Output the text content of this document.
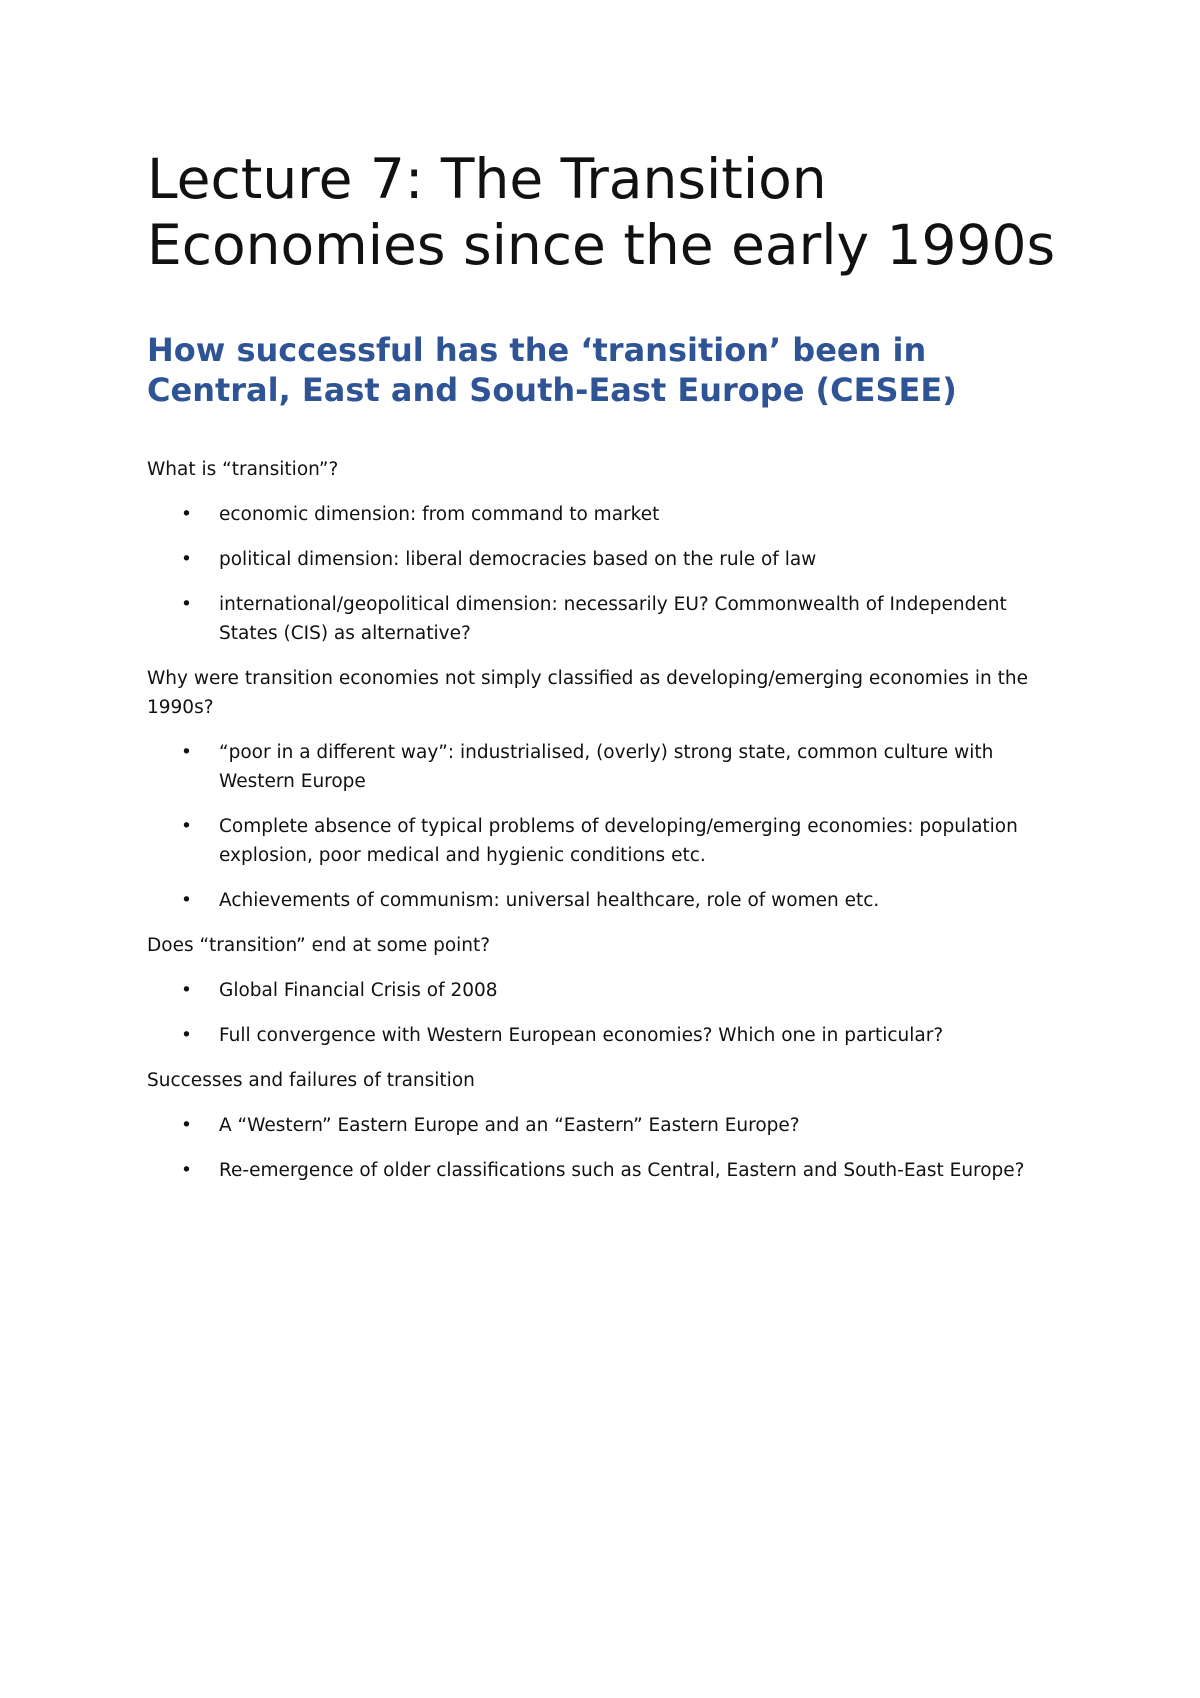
Lecture 7: The Transition Economies since the early 1990s
How successful has the ‘transition’ been in Central, East and South-East Europe (CESEE)

What is “transition”?

• economic dimension: from command to market
• political dimension: liberal democracies based on the rule of law
• international/geopolitical dimension: necessarily EU? Commonwealth of Independent States (CIS) as alternative?

Why were transition economies not simply classified as developing/emerging economies in the 1990s?

• “poor in a different way”: industrialised, (overly) strong state, common culture with Western Europe
• Complete absence of typical problems of developing/emerging economies: population explosion, poor medical and hygienic conditions etc.
• Achievements of communism: universal healthcare, role of women etc.

Does “transition” end at some point?

• Global Financial Crisis of 2008
• Full convergence with Western European economies? Which one in particular?

Successes and failures of transition

• A “Western” Eastern Europe and an “Eastern” Eastern Europe?
• Re-emergence of older classifications such as Central, Eastern and South-East Europe?
